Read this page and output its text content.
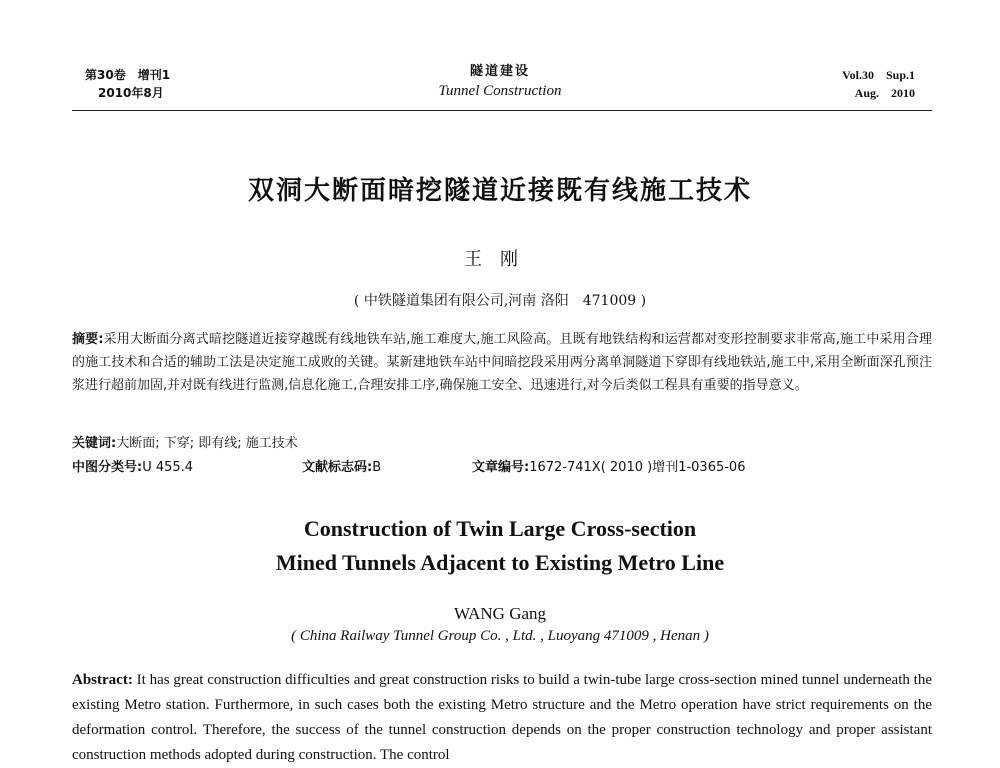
第30卷　增刊1
2010年8月
隧道建设
Tunnel Construction
Vol.30　Sup.1
Aug.　2010
双洞大断面暗挖隧道近接既有线施工技术
王刚
( 中铁隧道集团有限公司,河南 洛阳　471009 )
摘要:采用大断面分离式暗挖隧道近接穿越既有线地铁车站,施工难度大,施工风险高。且既有地铁结构和运营都对变形控制要求非常高,施工中采用合理的施工技术和合适的辅助工法是决定施工成败的关键。某新建地铁车站中间暗挖段采用两分离单洞隧道下穿即有线地铁站,施工中,采用全断面深孔预注浆进行超前加固,并对既有线进行监测,信息化施工,合理安排工序,确保施工安全、迅速进行,对今后类似工程具有重要的指导意义。
关键词:大断面; 下穿; 即有线; 施工技术
中图分类号:U 455.4	文献标志码:B	文章编号:1672-741X( 2010 )增刊1-0365-06
Construction of Twin Large Cross-section
Mined Tunnels Adjacent to Existing Metro Line
WANG Gang
( China Railway Tunnel Group Co. , Ltd. , Luoyang 471009 , Henan )
Abstract: It has great construction difficulties and great construction risks to build a twin-tube large cross-section mined tunnel underneath the existing Metro station. Furthermore, in such cases both the existing Metro structure and the Metro operation have strict requirements on the deformation control. Therefore, the success of the tunnel construction depends on the proper construction technology and proper assistant construction methods adopted during construction. The control
